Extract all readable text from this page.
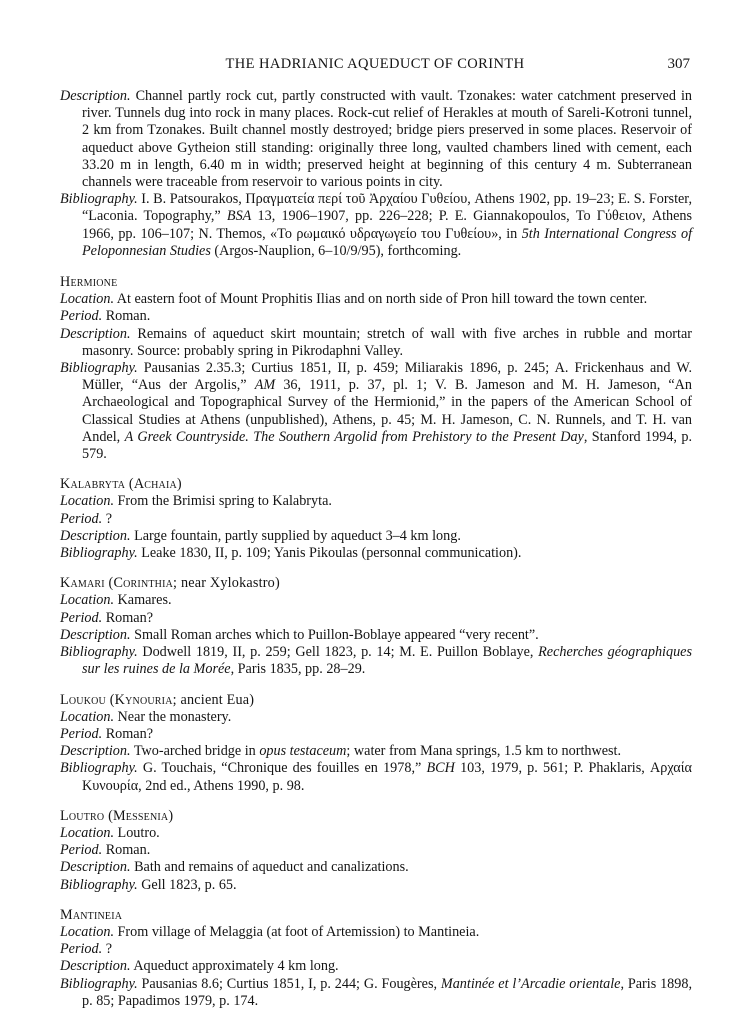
THE HADRIANIC AQUEDUCT OF CORINTH	307

Description. Channel partly rock cut, partly constructed with vault. Tzonakes: water catchment preserved in river. Tunnels dug into rock in many places. Rock-cut relief of Herakles at mouth of Sareli-Kotroni tunnel, 2 km from Tzonakes. Built channel mostly destroyed; bridge piers preserved in some places. Reservoir of aqueduct above Gytheion still standing: originally three long, vaulted chambers lined with cement, each 33.20 m in length, 6.40 m in width; preserved height at beginning of this century 4 m. Subterranean channels were traceable from reservoir to various points in city.

Bibliography. I. B. Patsourakos, Πραγματεία περί τοῦ Ἀρχαίου Γυθείου, Athens 1902, pp. 19–23; E. S. Forster, “Laconia. Topography,” BSA 13, 1906–1907, pp. 226–228; P. E. Giannakopoulos, Το Γύθειον, Athens 1966, pp. 106–107; N. Themos, «Το ρωμαικό υδραγωγείο του Γυθείου», in 5th International Congress of Peloponnesian Studies (Argos-Nauplion, 6–10/9/95), forthcoming.

Hermione

Location. At eastern foot of Mount Prophitis Ilias and on north side of Pron hill toward the town center.

Period. Roman.

Description. Remains of aqueduct skirt mountain; stretch of wall with five arches in rubble and mortar masonry. Source: probably spring in Pikrodaphni Valley.

Bibliography. Pausanias 2.35.3; Curtius 1851, II, p. 459; Miliarakis 1896, p. 245; A. Frickenhaus and W. Müller, “Aus der Argolis,” AM 36, 1911, p. 37, pl. 1; V. B. Jameson and M. H. Jameson, “An Archaeological and Topographical Survey of the Hermionid,” in the papers of the American School of Classical Studies at Athens (unpublished), Athens, p. 45; M. H. Jameson, C. N. Runnels, and T. H. van Andel, A Greek Countryside. The Southern Argolid from Prehistory to the Present Day, Stanford 1994, p. 579.

Kalabryta (Achaia)

Location. From the Brimisi spring to Kalabryta.

Period. ?

Description. Large fountain, partly supplied by aqueduct 3–4 km long.

Bibliography. Leake 1830, II, p. 109; Yanis Pikoulas (personnal communication).

Kamari (Corinthia; near Xylokastro)

Location. Kamares.

Period. Roman?

Description. Small Roman arches which to Puillon-Boblaye appeared “very recent”.

Bibliography. Dodwell 1819, II, p. 259; Gell 1823, p. 14; M. E. Puillon Boblaye, Recherches géographiques sur les ruines de la Morée, Paris 1835, pp. 28–29.

Loukou (Kynouria; ancient Eua)

Location. Near the monastery.

Period. Roman?

Description. Two-arched bridge in opus testaceum; water from Mana springs, 1.5 km to northwest.

Bibliography. G. Touchais, “Chronique des fouilles en 1978,” BCH 103, 1979, p. 561; P. Phaklaris, Αρχαία Κυνουρία, 2nd ed., Athens 1990, p. 98.

Loutro (Messenia)

Location. Loutro.

Period. Roman.

Description. Bath and remains of aqueduct and canalizations.

Bibliography. Gell 1823, p. 65.

Mantineia

Location. From village of Melaggia (at foot of Artemission) to Mantineia.

Period. ?

Description. Aqueduct approximately 4 km long.

Bibliography. Pausanias 8.6; Curtius 1851, I, p. 244; G. Fougères, Mantinée et l’Arcadie orientale, Paris 1898, p. 85; Papadimos 1979, p. 174.
